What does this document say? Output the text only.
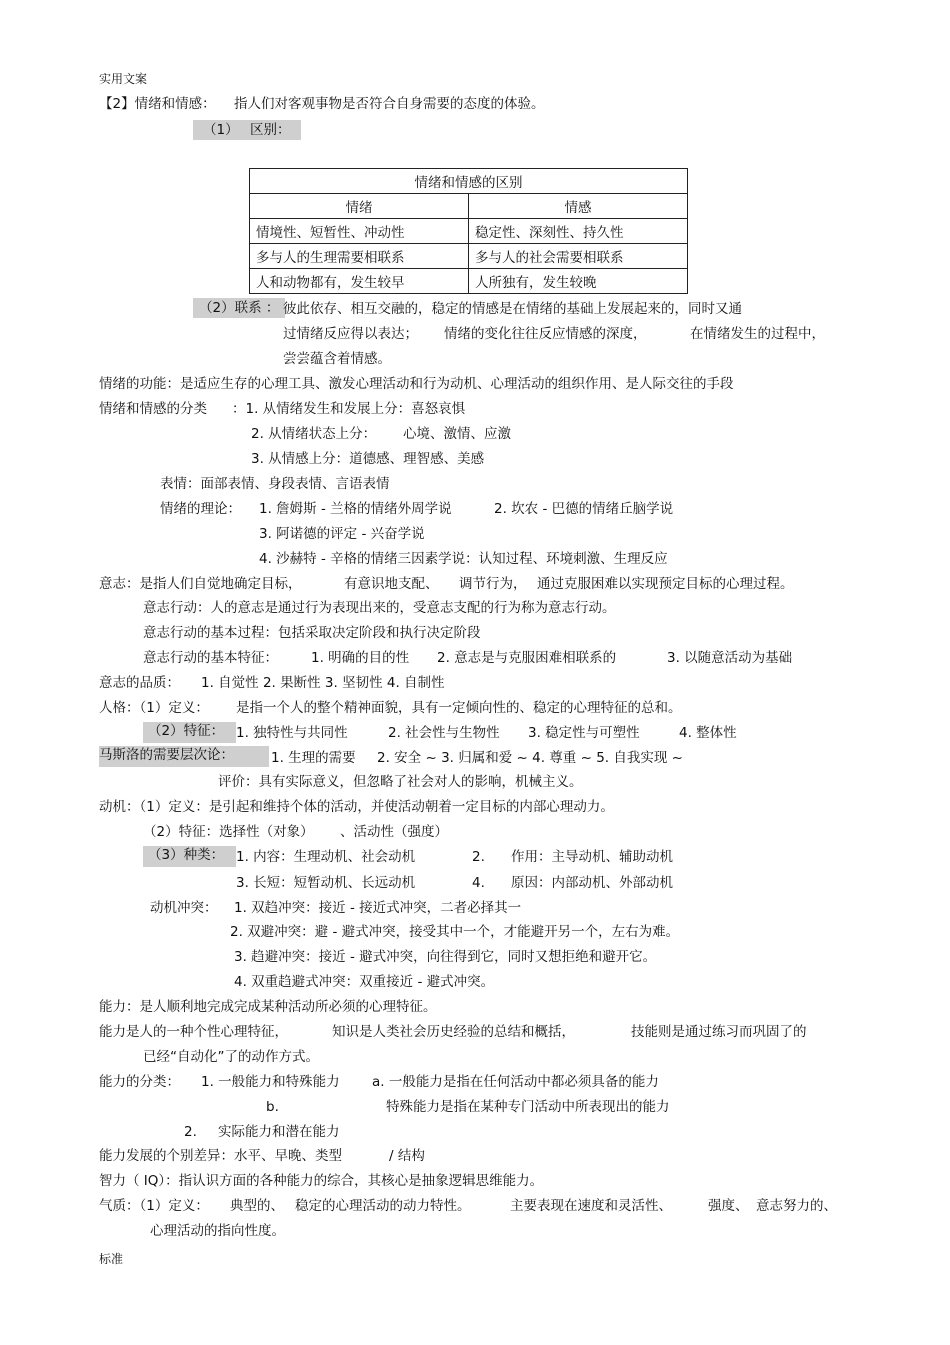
实用文案
【2】情绪和情感： 指人们对客观事物是否符合自身需要的态度的体验。
（1） 区别：
情绪和情感的区别	
情绪	情感
情境性、短暂性、冲动性	稳定性、深刻性、持久性
多与人的生理需要相联系	多与人的社会需要相联系
人和动物都有，发生较早	人所独有，发生较晚
（2）联系 ： 彼此依存、相互交融的，稳定的情感是在情绪的基础上发展起来的，同时又通
过情绪反应得以表达； 情绪的变化往往反应情感的深度，	在情绪发生的过程中，
尝尝蕴含着情感。
情绪的功能：是适应生存的心理工具、激发心理活动和行为动机、心理活动的组织作用、是人际交往的手段
情绪和情感的分类 ：1. 从情绪发生和发展上分：喜怒哀惧
2. 从情绪状态上分： 心境、激情、应激
3. 从情感上分：道德感、理智感、美感
表情：面部表情、身段表情、言语表情
情绪的理论： 1. 詹姆斯 - 兰格的情绪外周学说	2. 坎农 - 巴德的情绪丘脑学说
3. 阿诺德的评定 - 兴奋学说
4. 沙赫特 - 辛格的情绪三因素学说：认知过程、环境刺激、生理反应
意志：是指人们自觉地确定目标，	有意识地支配、 调节行为， 通过克服困难以实现预定目标的心理过程。
意志行动：人的意志是通过行为表现出来的，受意志支配的行为称为意志行动。
意志行动的基本过程：包括采取决定阶段和执行决定阶段
意志行动的基本特征： 1. 明确的目的性 2. 意志是与克服困难相联系的	3. 以随意活动为基础
意志的品质： 1. 自觉性 2. 果断性 3. 坚韧性 4. 自制性
人格：（1）定义： 是指一个人的整个精神面貌，具有一定倾向性的、稳定的心理特征的总和。
（2）特征： 1. 独特性与共同性	2. 社会性与生物性 3. 稳定性与可塑性	4. 整体性
马斯洛的需要层次论：	1. 生理的需要 2. 安全 ~ 3. 归属和爱 ~ 4. 尊重 ~ 5. 自我实现 ~
评价：具有实际意义，但忽略了社会对人的影响，机械主义。
动机：（1）定义：是引起和维持个体的活动，并使活动朝着一定目标的内部心理动力。
（2）特征：选择性（对象） 、活动性（强度）
（3）种类： 1. 内容：生理动机、社会动机	2. 作用：主导动机、辅助动机
3. 长短：短暂动机、长远动机	4. 原因：内部动机、外部动机
动机冲突： 1. 双趋冲突：接近 - 接近式冲突，二者必择其一
2. 双避冲突：避 - 避式冲突，接受其中一个，才能避开另一个，左右为难。
3. 趋避冲突：接近 - 避式冲突，向往得到它，同时又想拒绝和避开它。
4. 双重趋避式冲突：双重接近 - 避式冲突。
能力：是人顺利地完成完成某种活动所必须的心理特征。
能力是人的一种个性心理特征，	知识是人类社会历史经验的总结和概括，	技能则是通过练习而巩固了的
已经“自动化”了的动作方式。
能力的分类： 1. 一般能力和特殊能力 a. 一般能力是指在任何活动中都必须具备的能力
b.	特殊能力是指在某种专门活动中所表现出的能力
2. 实际能力和潜在能力
能力发展的个别差异：水平、早晚、类型	/ 结构
智力（ IQ）：指认识方面的各种能力的综合，其核心是抽象逻辑思维能力。
气质：（1）定义： 典型的、 稳定的心理活动的动力特性。	主要表现在速度和灵活性、	强度、 意志努力的、
心理活动的指向性度。
标准
